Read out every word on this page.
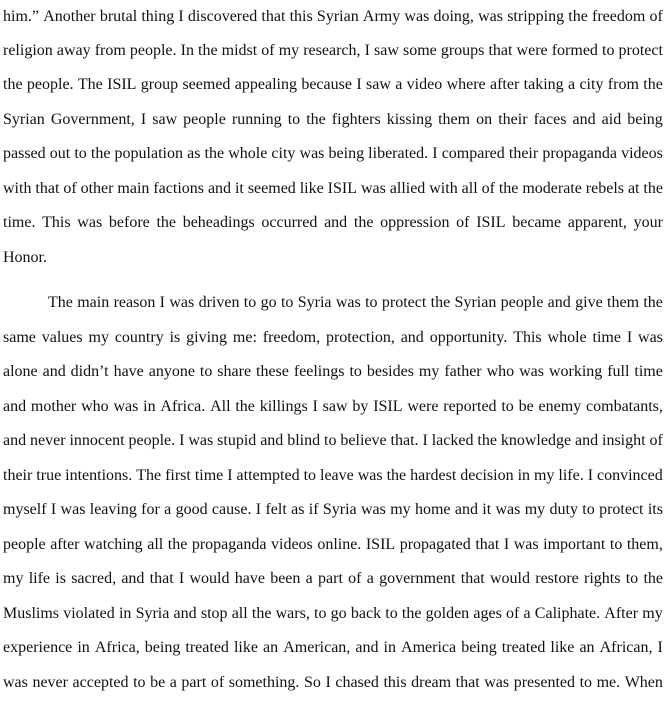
him.” Another brutal thing I discovered that this Syrian Army was doing, was stripping the freedom of
religion away from people. In the midst of my research, I saw some groups that were formed to protect
the people. The ISIL group seemed appealing because I saw a video where after taking a city from the
Syrian Government, I saw people running to the fighters kissing them on their faces and aid being
passed out to the population as the whole city was being liberated. I compared their propaganda videos
with that of other main factions and it seemed like ISIL was allied with all of the moderate rebels at the
time. This was before the beheadings occurred and the oppression of ISIL became apparent, your
Honor.
The main reason I was driven to go to Syria was to protect the Syrian people and give them the
same values my country is giving me: freedom, protection, and opportunity. This whole time I was
alone and didn’t have anyone to share these feelings to besides my father who was working full time
and mother who was in Africa. All the killings I saw by ISIL were reported to be enemy combatants,
and never innocent people. I was stupid and blind to believe that. I lacked the knowledge and insight of
their true intentions. The first time I attempted to leave was the hardest decision in my life. I convinced
myself I was leaving for a good cause. I felt as if Syria was my home and it was my duty to protect its
people after watching all the propaganda videos online. ISIL propagated that I was important to them,
my life is sacred, and that I would have been a part of a government that would restore rights to the
Muslims violated in Syria and stop all the wars, to go back to the golden ages of a Caliphate. After my
experience in Africa, being treated like an American, and in America being treated like an African, I
was never accepted to be a part of something. So I chased this dream that was presented to me. When
